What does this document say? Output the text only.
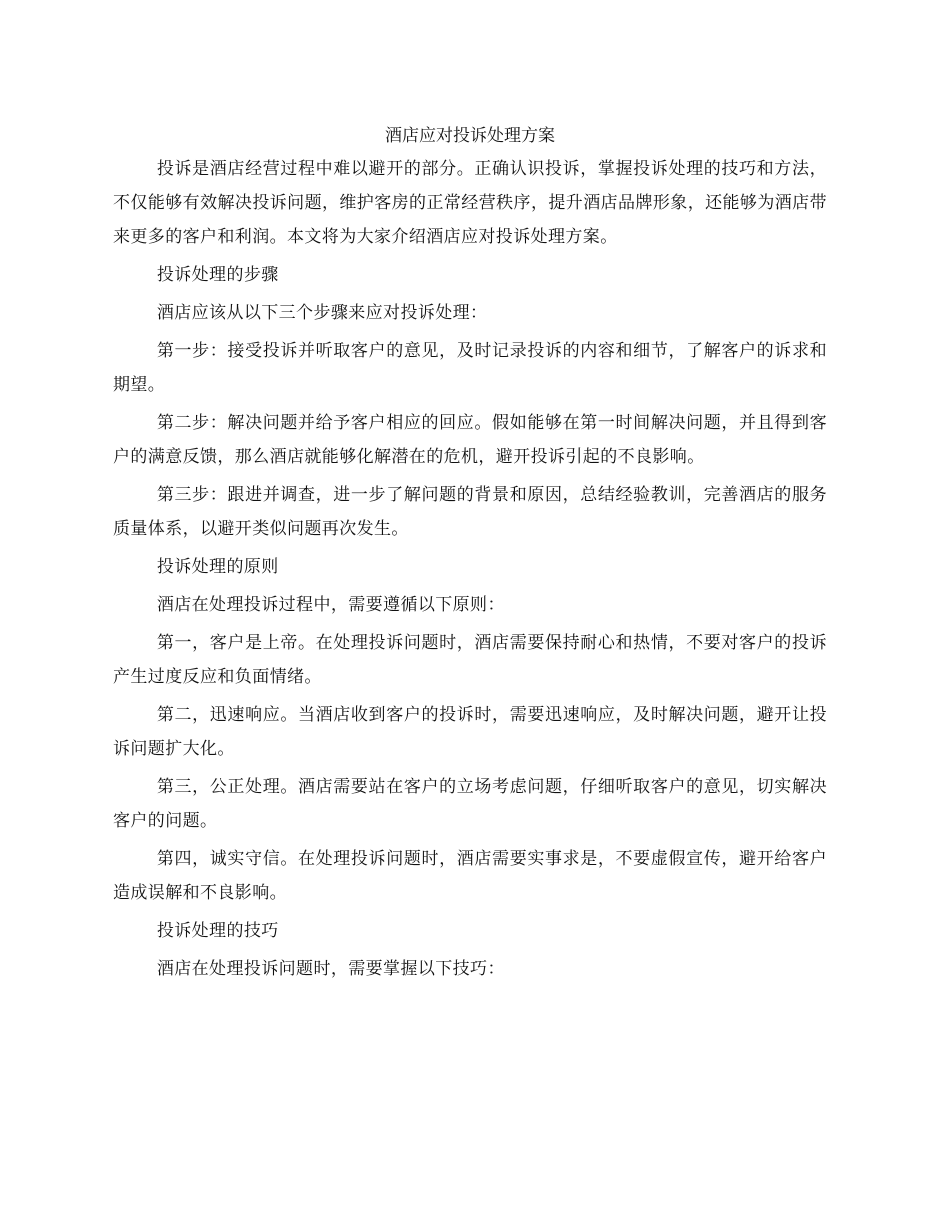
酒店应对投诉处理方案

投诉是酒店经营过程中难以避开的部分。正确认识投诉，掌握投诉处理的技巧和方法，不仅能够有效解决投诉问题，维护客房的正常经营秩序，提升酒店品牌形象，还能够为酒店带来更多的客户和利润。本文将为大家介绍酒店应对投诉处理方案。

投诉处理的步骤

酒店应该从以下三个步骤来应对投诉处理：

第一步：接受投诉并听取客户的意见，及时记录投诉的内容和细节，了解客户的诉求和期望。

第二步：解决问题并给予客户相应的回应。假如能够在第一时间解决问题，并且得到客户的满意反馈，那么酒店就能够化解潜在的危机，避开投诉引起的不良影响。

第三步：跟进并调查，进一步了解问题的背景和原因，总结经验教训，完善酒店的服务质量体系，以避开类似问题再次发生。

投诉处理的原则

酒店在处理投诉过程中，需要遵循以下原则：

第一，客户是上帝。在处理投诉问题时，酒店需要保持耐心和热情，不要对客户的投诉产生过度反应和负面情绪。

第二，迅速响应。当酒店收到客户的投诉时，需要迅速响应，及时解决问题，避开让投诉问题扩大化。

第三，公正处理。酒店需要站在客户的立场考虑问题，仔细听取客户的意见，切实解决客户的问题。

第四，诚实守信。在处理投诉问题时，酒店需要实事求是，不要虚假宣传，避开给客户造成误解和不良影响。

投诉处理的技巧

酒店在处理投诉问题时，需要掌握以下技巧：
